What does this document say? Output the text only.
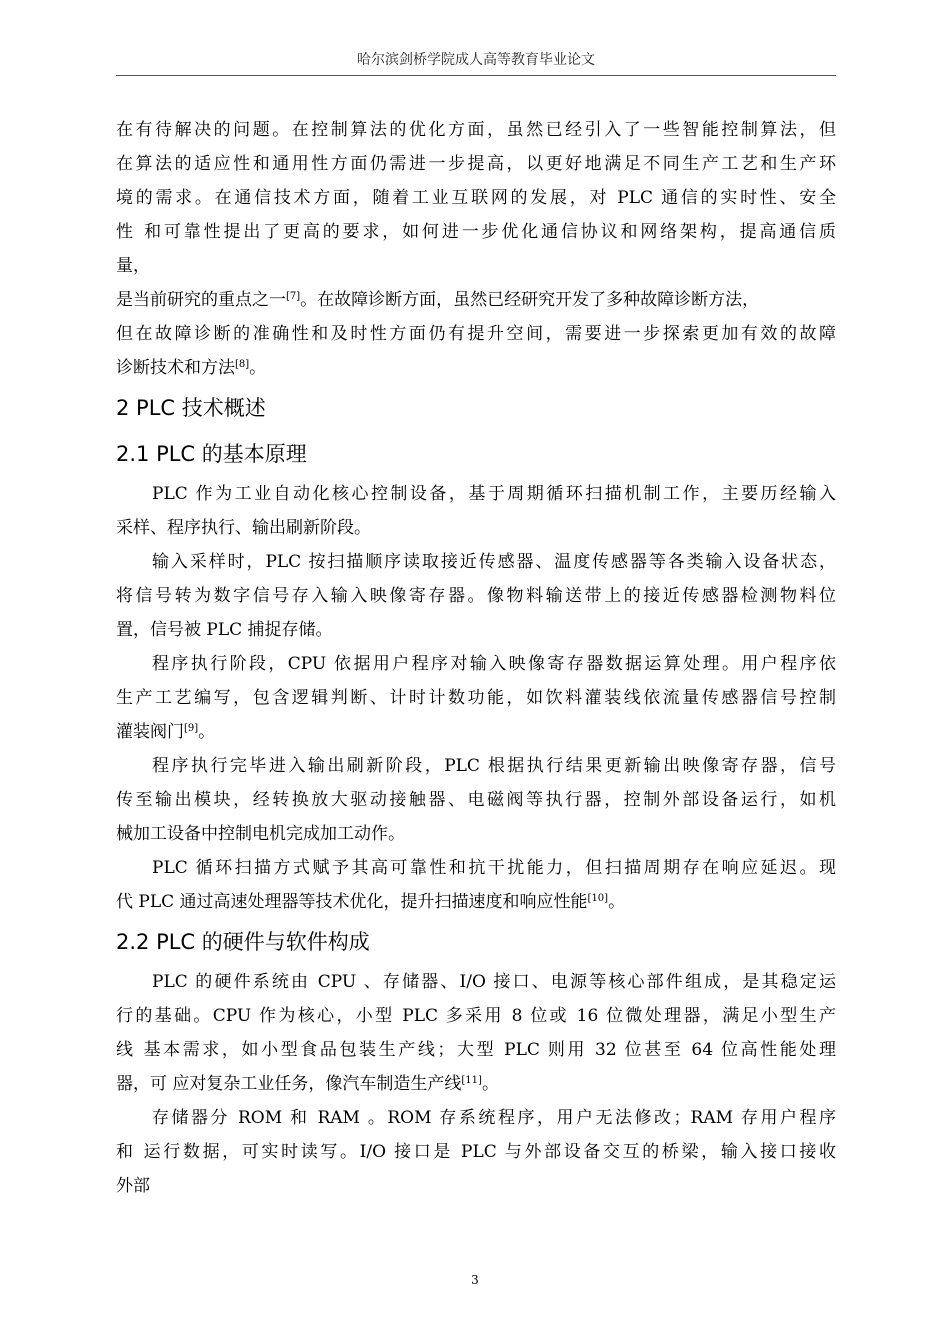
哈尔滨剑桥学院成人高等教育毕业论文
在有待解决的问题。在控制算法的优化方面，虽然已经引入了一些智能控制算法，但
在算法的适应性和通用性方面仍需进一步提高，以更好地满足不同生产工艺和生产环
境的需求。在通信技术方面，随着工业互联网的发展，对 PLC 通信的实时性、安全
性 和可靠性提出了更高的要求，如何进一步优化通信协议和网络架构，提高通信质
量，
是当前研究的重点之一[7]。在故障诊断方面，虽然已经研究开发了多种故障诊断方法，
但在故障诊断的准确性和及时性方面仍有提升空间，需要进一步探索更加有效的故障
诊断技术和方法[8]。
2 PLC 技术概述
2.1 PLC 的基本原理
PLC 作为工业自动化核心控制设备，基于周期循环扫描机制工作，主要历经输入
采样、程序执行、输出刷新阶段。
输入采样时，PLC 按扫描顺序读取接近传感器、温度传感器等各类输入设备状态，
将信号转为数字信号存入输入映像寄存器。像物料输送带上的接近传感器检测物料位
置，信号被 PLC 捕捉存储。
程序执行阶段，CPU 依据用户程序对输入映像寄存器数据运算处理。用户程序依
生产工艺编写，包含逻辑判断、计时计数功能，如饮料灌装线依流量传感器信号控制
灌装阀门[9]。
程序执行完毕进入输出刷新阶段，PLC 根据执行结果更新输出映像寄存器，信号
传至输出模块，经转换放大驱动接触器、电磁阀等执行器，控制外部设备运行，如机
械加工设备中控制电机完成加工动作。
PLC 循环扫描方式赋予其高可靠性和抗干扰能力，但扫描周期存在响应延迟。现
代 PLC 通过高速处理器等技术优化，提升扫描速度和响应性能[10]。
2.2 PLC 的硬件与软件构成
PLC 的硬件系统由 CPU 、存储器、I/O 接口、电源等核心部件组成，是其稳定运
行的基础。CPU 作为核心，小型 PLC 多采用 8 位或 16 位微处理器，满足小型生产
线 基本需求，如小型食品包装生产线；大型 PLC 则用 32 位甚至 64 位高性能处理
器，可 应对复杂工业任务，像汽车制造生产线[11]。
存储器分 ROM 和 RAM 。ROM 存系统程序，用户无法修改；RAM 存用户程序
和 运行数据，可实时读写。I/O 接口是 PLC 与外部设备交互的桥梁，输入接口接收
外部
3
